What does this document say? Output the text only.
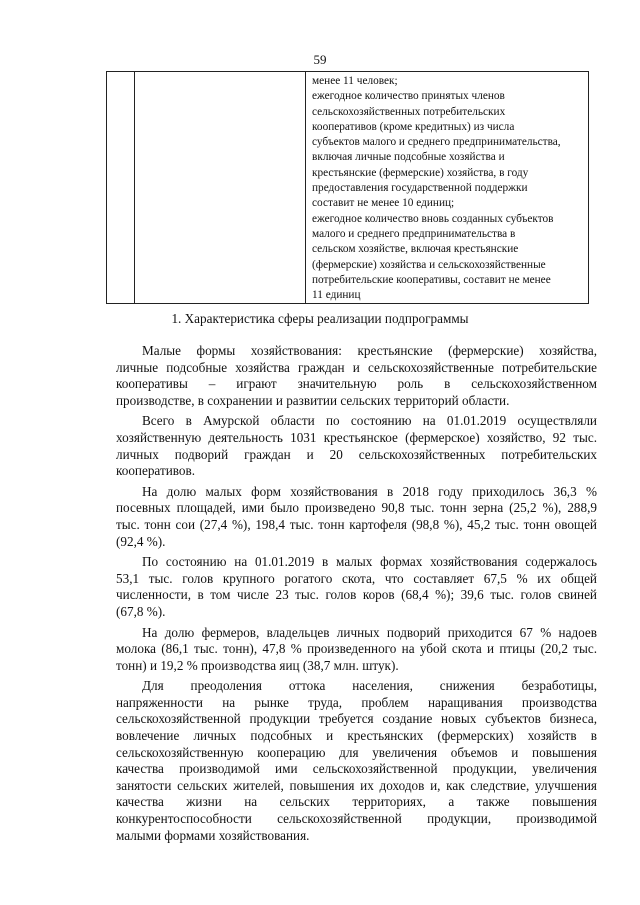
59

менее 11 человек;
ежегодное количество принятых членов
сельскохозяйственных потребительских
кооперативов (кроме кредитных) из числа
субъектов малого и среднего предпринимательства,
включая личные подсобные хозяйства и
крестьянские (фермерские) хозяйства, в году
предоставления государственной поддержки
составит не менее 10 единиц;
ежегодное количество вновь созданных субъектов
малого и среднего предпринимательства в
сельском хозяйстве, включая крестьянские
(фермерские) хозяйства и сельскохозяйственные
потребительские кооперативы, составит не менее
11 единиц
1. Характеристика сферы реализации подпрограммы
Малые формы хозяйствования: крестьянские (фермерские) хозяйства,
личные подсобные хозяйства граждан и сельскохозяйственные потребительские
кооперативы – играют значительную роль в сельскохозяйственном
производстве, в сохранении и развитии сельских территорий области.
Всего в Амурской области по состоянию на 01.01.2019 осуществляли
хозяйственную деятельность 1031 крестьянское (фермерское) хозяйство, 92 тыс.
личных подворий граждан и 20 сельскохозяйственных потребительских
кооперативов.
На долю малых форм хозяйствования в 2018 году приходилось 36,3 %
посевных площадей, ими было произведено 90,8 тыс. тонн зерна (25,2 %), 288,9
тыс. тонн сои (27,4 %), 198,4 тыс. тонн картофеля (98,8 %), 45,2 тыс. тонн овощей
(92,4 %).
По состоянию на 01.01.2019 в малых формах хозяйствования содержалось
53,1 тыс. голов крупного рогатого скота, что составляет 67,5 % их общей
численности, в том числе 23 тыс. голов коров (68,4 %); 39,6 тыс. голов свиней
(67,8 %).
На долю фермеров, владельцев личных подворий приходится 67 % надоев
молока (86,1 тыс. тонн), 47,8 % произведенного на убой скота и птицы (20,2 тыс.
тонн) и 19,2 % производства яиц (38,7 млн. штук).
Для преодоления оттока населения, снижения безработицы,
напряженности на рынке труда, проблем наращивания производства
сельскохозяйственной продукции требуется создание новых субъектов бизнеса,
вовлечение личных подсобных и крестьянских (фермерских) хозяйств в
сельскохозяйственную кооперацию для увеличения объемов и повышения
качества производимой ими сельскохозяйственной продукции, увеличения
занятости сельских жителей, повышения их доходов и, как следствие, улучшения
качества жизни на сельских территориях, а также повышения
конкурентоспособности сельскохозяйственной продукции, производимой
малыми формами хозяйствования.
